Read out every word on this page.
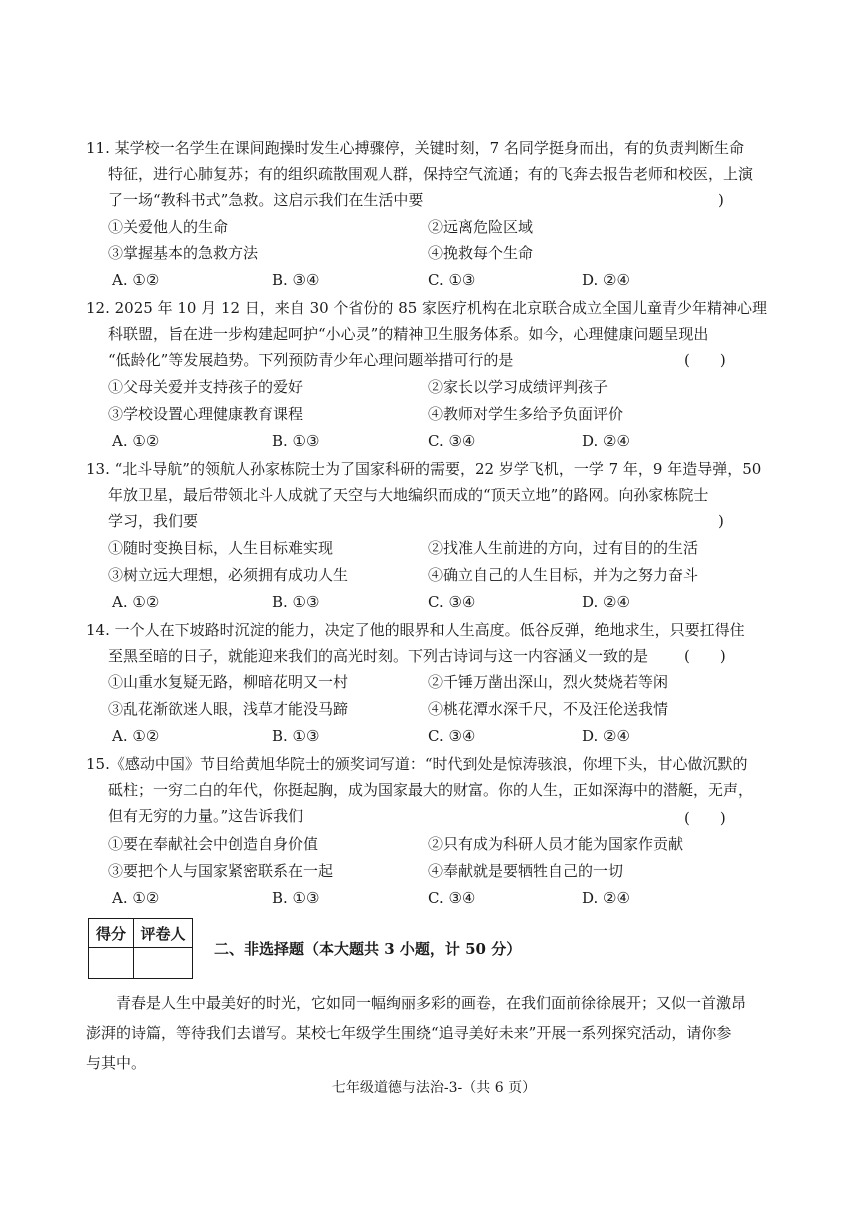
11. 某学校一名学生在课间跑操时发生心搏骤停，关键时刻，7 名同学挺身而出，有的负责判断生命
特征，进行心肺复苏；有的组织疏散围观人群，保持空气流通；有的飞奔去报告老师和校医，上演
了一场“教科书式”急救。这启示我们在生活中要	)
①关爱他人的生命	②远离危险区域
③掌握基本的急救方法	④挽救每个生命
A. ①②	B. ③④	C. ①③	D. ②④
12. 2025 年 10 月 12 日，来自 30 个省份的 85 家医疗机构在北京联合成立全国儿童青少年精神心理
科联盟，旨在进一步构建起呵护“小心灵”的精神卫生服务体系。如今，心理健康问题呈现出
“低龄化”等发展趋势。下列预防青少年心理问题举措可行的是	(　　)
①父母关爱并支持孩子的爱好	②家长以学习成绩评判孩子
③学校设置心理健康教育课程	④教师对学生多给予负面评价
A. ①②	B. ①③	C. ③④	D. ②④
13. “北斗导航”的领航人孙家栋院士为了国家科研的需要，22 岁学飞机，一学 7 年，9 年造导弹，50
年放卫星，最后带领北斗人成就了天空与大地编织而成的“顶天立地”的路网。向孙家栋院士
学习，我们要	)
①随时变换目标，人生目标难实现	②找准人生前进的方向，过有目的的生活
③树立远大理想，必须拥有成功人生	④确立自己的人生目标，并为之努力奋斗
A. ①②	B. ①③	C. ③④	D. ②④
14. 一个人在下坡路时沉淀的能力，决定了他的眼界和人生高度。低谷反弹，绝地求生，只要扛得住
至黑至暗的日子，就能迎来我们的高光时刻。下列古诗词与这一内容涵义一致的是 (　　)
①山重水复疑无路，柳暗花明又一村	②千锤万凿出深山，烈火焚烧若等闲
③乱花渐欲迷人眼，浅草才能没马蹄	④桃花潭水深千尺，不及汪伦送我情
A. ①②	B. ①③	C. ③④	D. ②④
15.《感动中国》节目给黄旭华院士的颁奖词写道：“时代到处是惊涛骇浪，你埋下头，甘心做沉默的
砥柱；一穷二白的年代，你挺起胸，成为国家最大的财富。你的人生，正如深海中的潜艇，无声，
但有无穷的力量。”这告诉我们	(　　)
①要在奉献社会中创造自身价值	②只有成为科研人员才能为国家作贡献
③要把个人与国家紧密联系在一起	④奉献就是要牺牲自己的一切
A. ①②	B. ①③	C. ③④	D. ②④
得分	评卷人

二、非选择题（本大题共 3 小题，计 50 分）
青春是人生中最美好的时光，它如同一幅绚丽多彩的画卷，在我们面前徐徐展开；又似一首激昂澎湃的诗篇，等待我们去谱写。某校七年级学生围绕“追寻美好未来”开展一系列探究活动，请你参与其中。
七年级道德与法治-3-（共 6 页）
